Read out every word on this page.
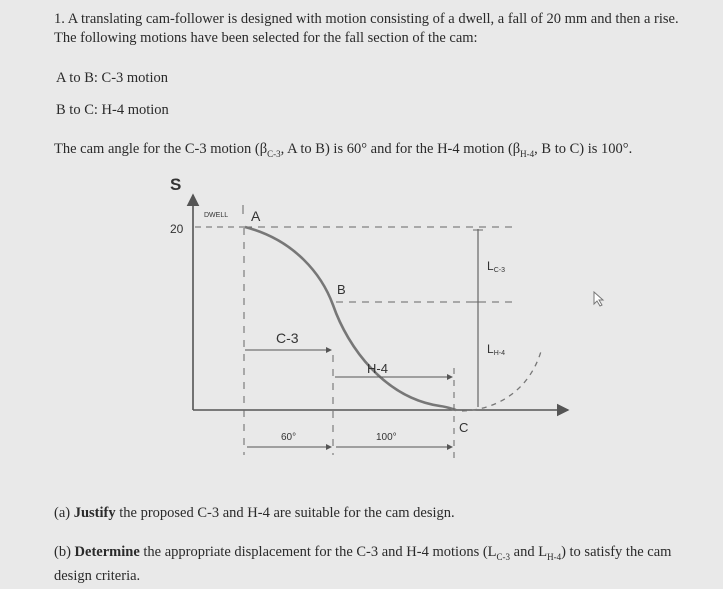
1. A translating cam-follower is designed with motion consisting of a dwell, a fall of 20 mm and then a rise. The following motions have been selected for the fall section of the cam:
A to B: C-3 motion
B to C: H-4 motion
The cam angle for the C-3 motion ($\beta_{C-3}$, A to B) is 60° and for the H-4 motion ($\beta_{H-4}$, B to C) is 100°.
S
20
DWELL A
B
C-3
H-4
C
60°	100°
LC-3
LH-4
(a) Justify the proposed C-3 and H-4 are suitable for the cam design.
(b) Determine the appropriate displacement for the C-3 and H-4 motions ($L_{C-3}$ and $L_{H-4}$) to satisfy the cam design criteria.
